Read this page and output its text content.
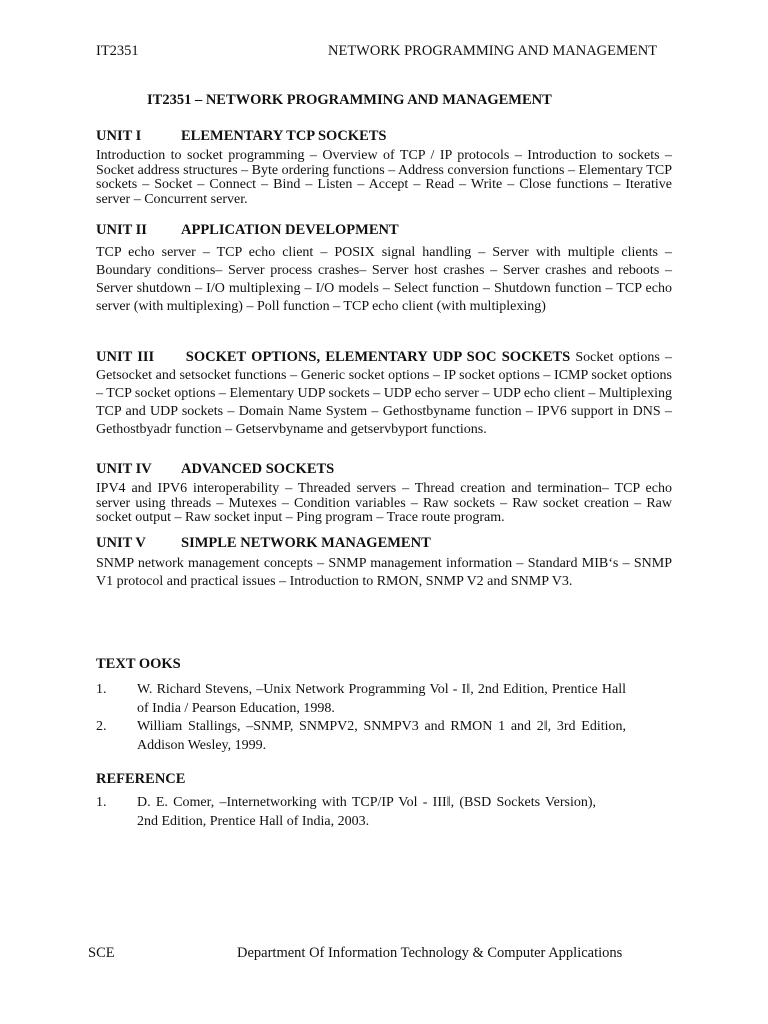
IT2351	NETWORK PROGRAMMING AND MANAGEMENT
IT2351 – NETWORK PROGRAMMING AND MANAGEMENT
UNIT I	ELEMENTARY TCP SOCKETS
Introduction to socket programming – Overview of TCP / IP protocols – Introduction to sockets – Socket address structures – Byte ordering functions – Address conversion functions – Elementary TCP sockets – Socket – Connect – Bind – Listen – Accept – Read – Write – Close functions – Iterative server – Concurrent server.
UNIT II APPLICATION DEVELOPMENT
TCP echo server – TCP echo client – POSIX signal handling – Server with multiple clients – Boundary conditions– Server process crashes– Server host crashes – Server crashes and reboots – Server shutdown – I/O multiplexing – I/O models – Select function – Shutdown function – TCP echo server (with multiplexing) – Poll function – TCP echo client (with multiplexing)
UNIT III SOCKET OPTIONS, ELEMENTARY UDP SOC SOCKETS Socket options – Getsocket and setsocket functions – Generic socket options – IP socket options – ICMP socket options – TCP socket options – Elementary UDP sockets – UDP echo server – UDP echo client – Multiplexing TCP and UDP sockets – Domain Name System – Gethostbyname function – IPV6 support in DNS – Gethostbyadr function – Getservbyname and getservbyport functions.
UNIT IV ADVANCED SOCKETS
IPV4 and IPV6 interoperability – Threaded servers – Thread creation and termination– TCP echo server using threads – Mutexes – Condition variables – Raw sockets – Raw socket creation – Raw socket output – Raw socket input – Ping program – Trace route program.
UNIT V SIMPLE NETWORK MANAGEMENT
SNMP network management concepts – SNMP management information – Standard MIB‘s – SNMP V1 protocol and practical issues – Introduction to RMON, SNMP V2 and SNMP V3.
TEXT OOKS
1. W. Richard Stevens, –Unix Network Programming Vol - I‖, 2nd Edition, Prentice Hall of India / Pearson Education, 1998.
2. William Stallings, –SNMP, SNMPV2, SNMPV3 and RMON 1 and 2‖, 3rd Edition, Addison Wesley, 1999.
REFERENCE
1. D. E. Comer, –Internetworking with TCP/IP Vol - III‖, (BSD Sockets Version), 2nd Edition, Prentice Hall of India, 2003.
SCE	Department Of Information Technology & Computer Applications
